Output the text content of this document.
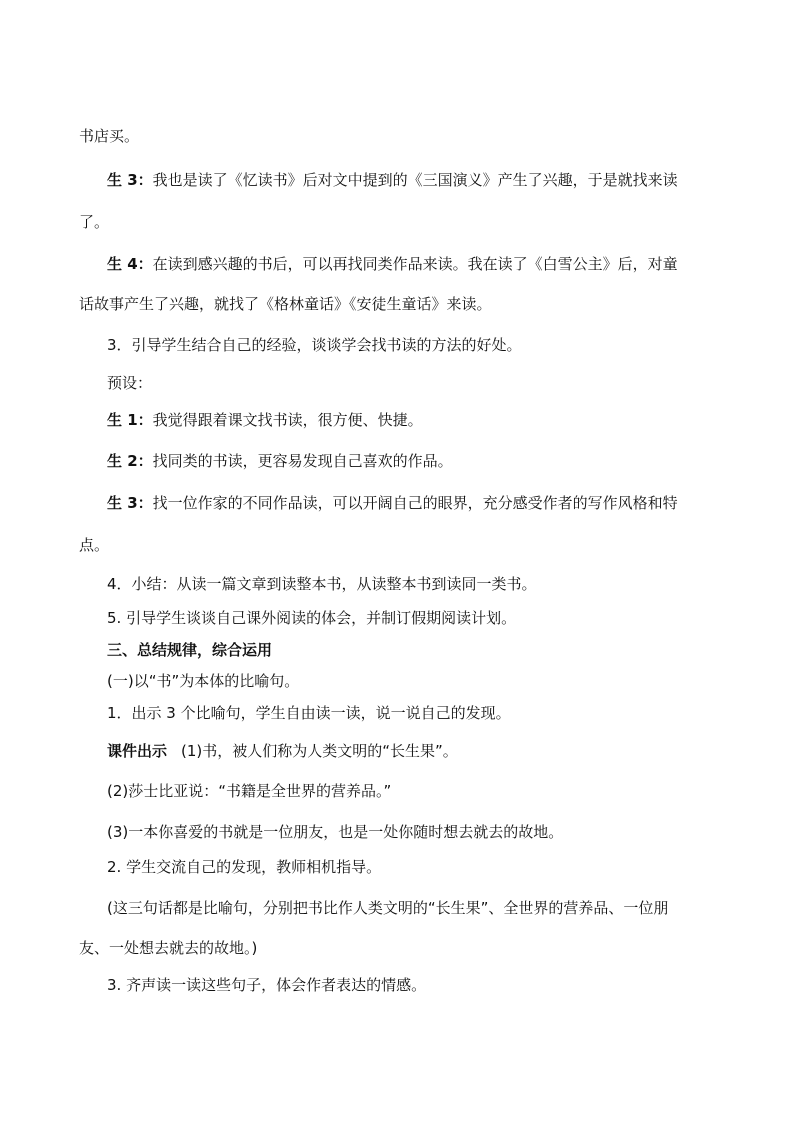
书店买。
生 3：我也是读了《忆读书》后对文中提到的《三国演义》产生了兴趣，于是就找来读
了。
生 4：在读到感兴趣的书后，可以再找同类作品来读。我在读了《白雪公主》后，对童
话故事产生了兴趣，就找了《格林童话》《安徒生童话》来读。
3．引导学生结合自己的经验，谈谈学会找书读的方法的好处。
预设：
生 1：我觉得跟着课文找书读，很方便、快捷。
生 2：找同类的书读，更容易发现自己喜欢的作品。
生 3：找一位作家的不同作品读，可以开阔自己的眼界，充分感受作者的写作风格和特
点。
4．小结：从读一篇文章到读整本书，从读整本书到读同一类书。
5. 引导学生谈谈自己课外阅读的体会，并制订假期阅读计划。
三、总结规律，综合运用
(一)以“书”为本体的比喻句。
1．出示 3 个比喻句，学生自由读一读，说一说自己的发现。
课件出示 (1)书，被人们称为人类文明的“长生果”。
(2)莎士比亚说：“书籍是全世界的营养品。”
(3)一本你喜爱的书就是一位朋友，也是一处你随时想去就去的故地。
2. 学生交流自己的发现，教师相机指导。
(这三句话都是比喻句，分别把书比作人类文明的“长生果”、全世界的营养品、一位朋
友、一处想去就去的故地。)
3. 齐声读一读这些句子，体会作者表达的情感。
